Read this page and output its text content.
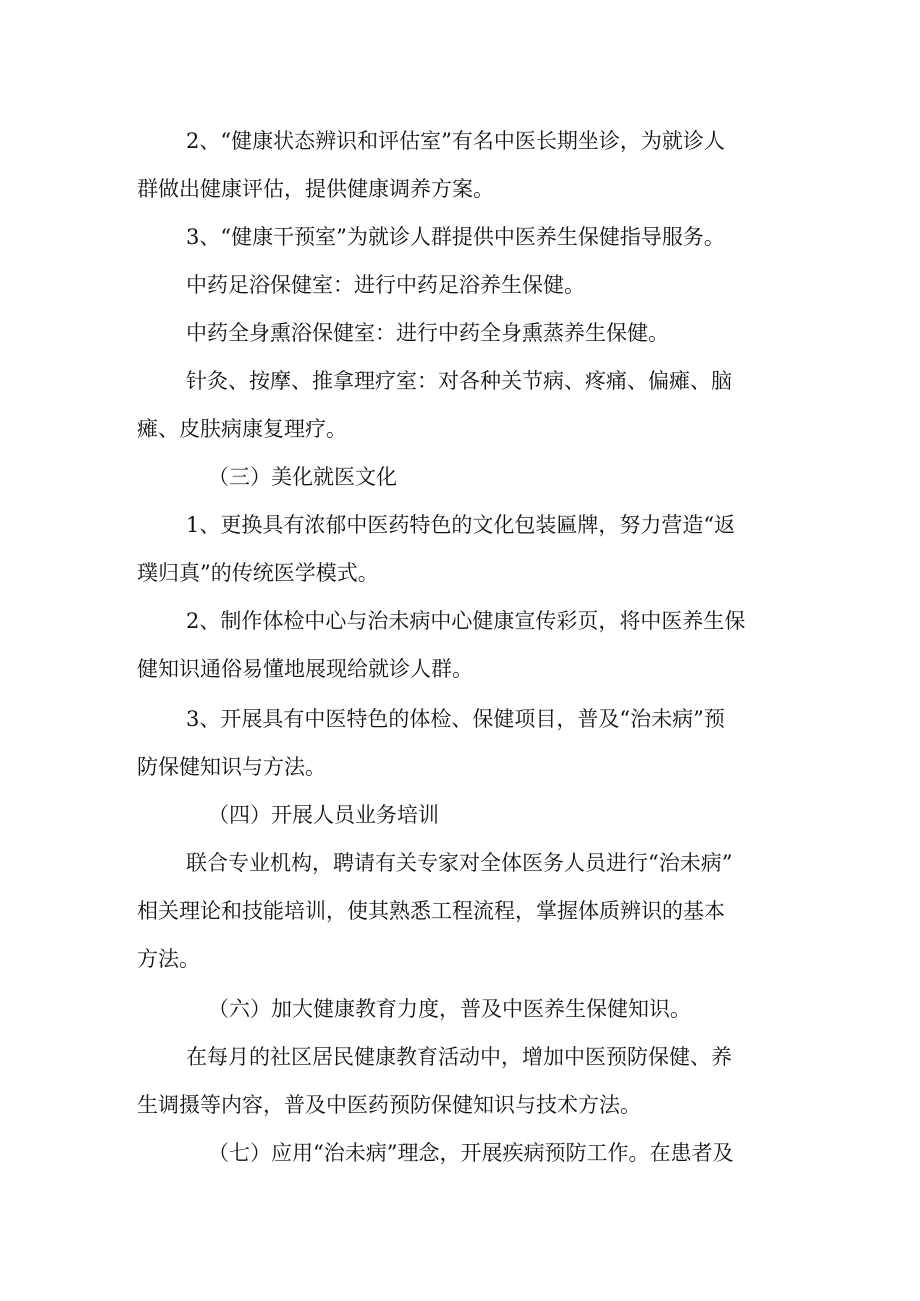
2、“健康状态辨识和评估室”有名中医长期坐诊，为就诊人
群做出健康评估，提供健康调养方案。
3、“健康干预室”为就诊人群提供中医养生保健指导服务。
中药足浴保健室：进行中药足浴养生保健。
中药全身熏浴保健室：进行中药全身熏蒸养生保健。
针灸、按摩、推拿理疗室：对各种关节病、疼痛、偏瘫、脑
瘫、皮肤病康复理疗。
（三）美化就医文化
1、更换具有浓郁中医药特色的文化包装匾牌，努力营造“返
璞归真”的传统医学模式。
2、制作体检中心与治未病中心健康宣传彩页，将中医养生保
健知识通俗易懂地展现给就诊人群。
3、开展具有中医特色的体检、保健项目，普及“治未病”预
防保健知识与方法。
（四）开展人员业务培训
联合专业机构，聘请有关专家对全体医务人员进行“治未病”
相关理论和技能培训，使其熟悉工程流程，掌握体质辨识的基本
方法。
（六）加大健康教育力度，普及中医养生保健知识。
在每月的社区居民健康教育活动中，增加中医预防保健、养
生调摄等内容，普及中医药预防保健知识与技术方法。
（七）应用“治未病”理念，开展疾病预防工作。在患者及
